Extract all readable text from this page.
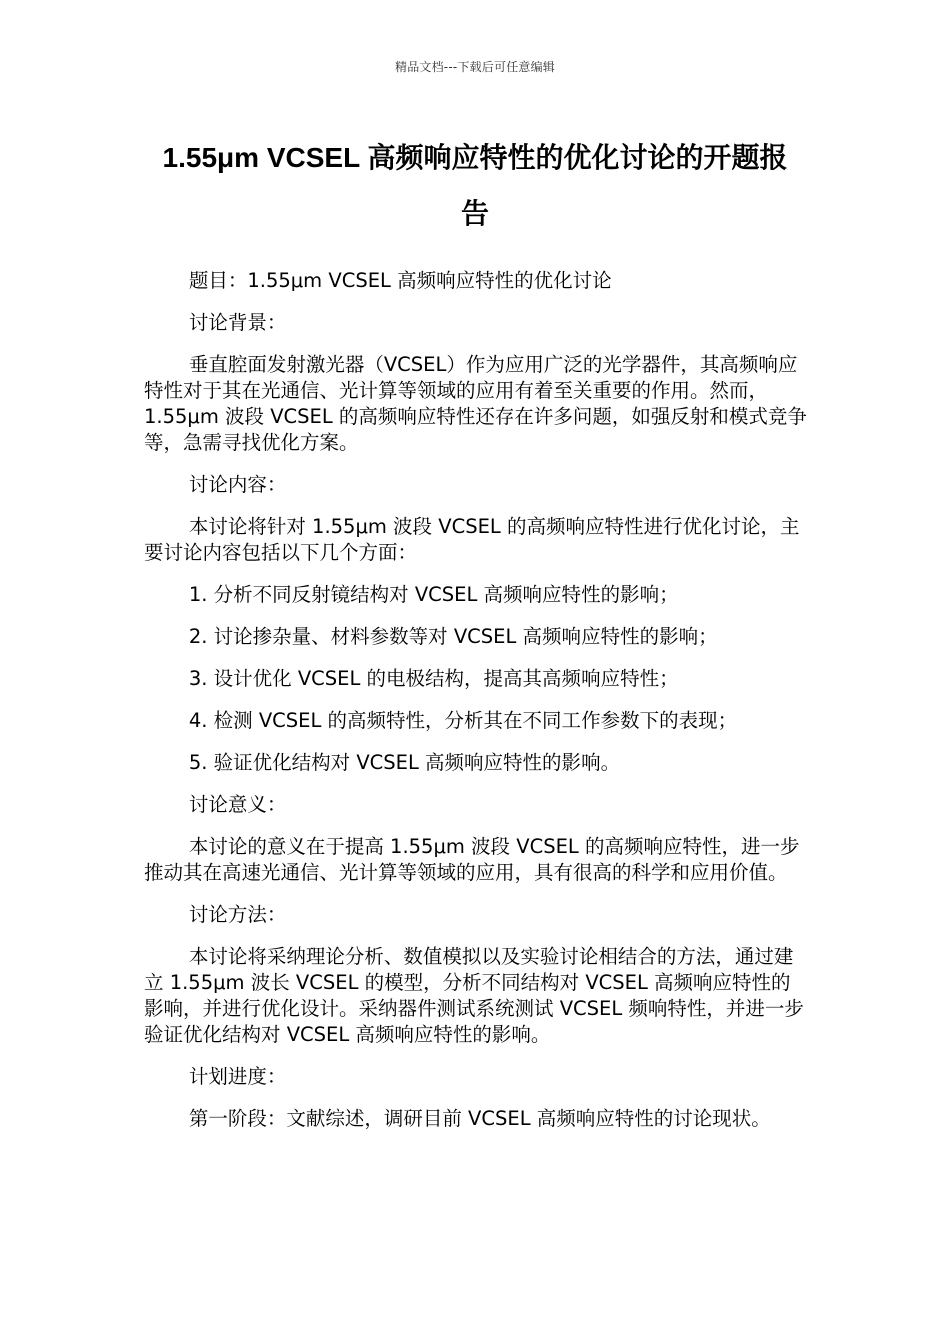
精品文档---下载后可任意编辑
1.55μm VCSEL 高频响应特性的优化讨论的开题报告

题目：1.55μm VCSEL 高频响应特性的优化讨论

讨论背景：

垂直腔面发射激光器（VCSEL）作为应用广泛的光学器件，其高频响应特性对于其在光通信、光计算等领域的应用有着至关重要的作用。然而，1.55μm 波段 VCSEL 的高频响应特性还存在许多问题，如强反射和模式竞争等，急需寻找优化方案。

讨论内容：

本讨论将针对 1.55μm 波段 VCSEL 的高频响应特性进行优化讨论，主要讨论内容包括以下几个方面：

1. 分析不同反射镜结构对 VCSEL 高频响应特性的影响；

2. 讨论掺杂量、材料参数等对 VCSEL 高频响应特性的影响；

3. 设计优化 VCSEL 的电极结构，提高其高频响应特性；

4. 检测 VCSEL 的高频特性，分析其在不同工作参数下的表现；

5. 验证优化结构对 VCSEL 高频响应特性的影响。

讨论意义：

本讨论的意义在于提高 1.55μm 波段 VCSEL 的高频响应特性，进一步推动其在高速光通信、光计算等领域的应用，具有很高的科学和应用价值。

讨论方法：

本讨论将采纳理论分析、数值模拟以及实验讨论相结合的方法，通过建立 1.55μm 波长 VCSEL 的模型，分析不同结构对 VCSEL 高频响应特性的影响，并进行优化设计。采纳器件测试系统测试 VCSEL 频响特性，并进一步验证优化结构对 VCSEL 高频响应特性的影响。

计划进度：

第一阶段：文献综述，调研目前 VCSEL 高频响应特性的讨论现状。
